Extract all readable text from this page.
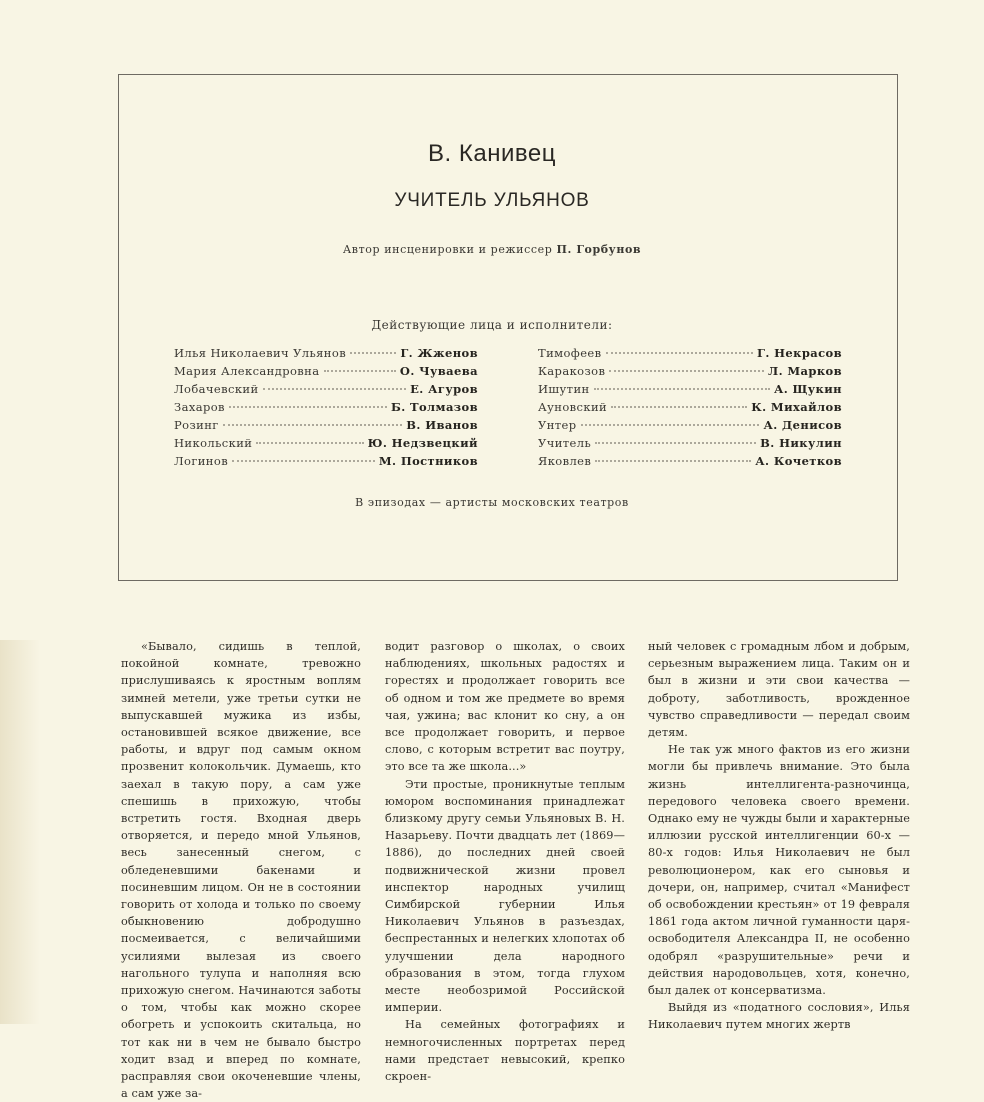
В. Канивец
УЧИТЕЛЬ УЛЬЯНОВ
Автор инсценировки и режиссер П. Горбунов
Действующие лица и исполнители:
Илья Николаевич Ульянов	Г. Жженов
Мария Александровна	О. Чуваева
Лобачевский	Е. Агуров
Захаров	Б. Толмазов
Розинг	В. Иванов
Никольский	Ю. Недзвецкий
Логинов	М. Постников
Тимофеев	Г. Некрасов
Каракозов	Л. Марков
Ишутин	А. Щукин
Ауновский	К. Михайлов
Унтер	А. Денисов
Учитель	В. Никулин
Яковлев	А. Кочетков
В эпизодах — артисты московских театров

«Бывало, сидишь в теплой, покойной комнате, тревожно прислушиваясь к яростным воплям зимней метели, уже третьи сутки не выпускавшей мужика из избы, остановившей всякое движение, все работы, и вдруг под самым окном прозвенит колокольчик. Думаешь, кто заехал в такую пору, а сам уже спешишь в прихожую, чтобы встретить гостя. Входная дверь отворяется, и передо мной Ульянов, весь занесенный снегом, с обледеневшими бакенами и посиневшим лицом. Он не в состоянии говорить от холода и только по своему обыкновению добродушно посмеивается, с величайшими усилиями вылезая из своего нагольного тулупа и наполняя всю прихожую снегом. Начинаются заботы о том, чтобы как можно скорее обогреть и успокоить скитальца, но тот как ни в чем не бывало быстро ходит взад и вперед по комнате, расправляя свои окоченевшие члены, а сам уже за-

водит разговор о школах, о своих наблюдениях, школьных радостях и горестях и продолжает говорить все об одном и том же предмете во время чая, ужина; вас клонит ко сну, а он все продолжает говорить, и первое слово, с которым встретит вас поутру, это все та же школа...»

Эти простые, проникнутые теплым юмором воспоминания принадлежат близкому другу семьи Ульяновых В. Н. Назарьеву. Почти двадцать лет (1869—1886), до последних дней своей подвижнической жизни провел инспектор народных училищ Симбирской губернии Илья Николаевич Ульянов в разъездах, беспрестанных и нелегких хлопотах об улучшении дела народного образования в этом, тогда глухом месте необозримой Российской империи.

На семейных фотографиях и немногочисленных портретах перед нами предстает невысокий, крепко скроен-

ный человек с громадным лбом и добрым, серьезным выражением лица. Таким он и был в жизни и эти свои качества — доброту, заботливость, врожденное чувство справедливости — передал своим детям.

Не так уж много фактов из его жизни могли бы привлечь внимание. Это была жизнь интеллигента-разночинца, передового человека своего времени. Однако ему не чужды были и характерные иллюзии русской интеллигенции 60-х — 80-х годов: Илья Николаевич не был революционером, как его сыновья и дочери, он, например, считал «Манифест об освобождении крестьян» от 19 февраля 1861 года актом личной гуманности царя-освободителя Александра II, не особенно одобрял «разрушительные» речи и действия народовольцев, хотя, конечно, был далек от консерватизма.

Выйдя из «податного сословия», Илья Николаевич путем многих жертв
